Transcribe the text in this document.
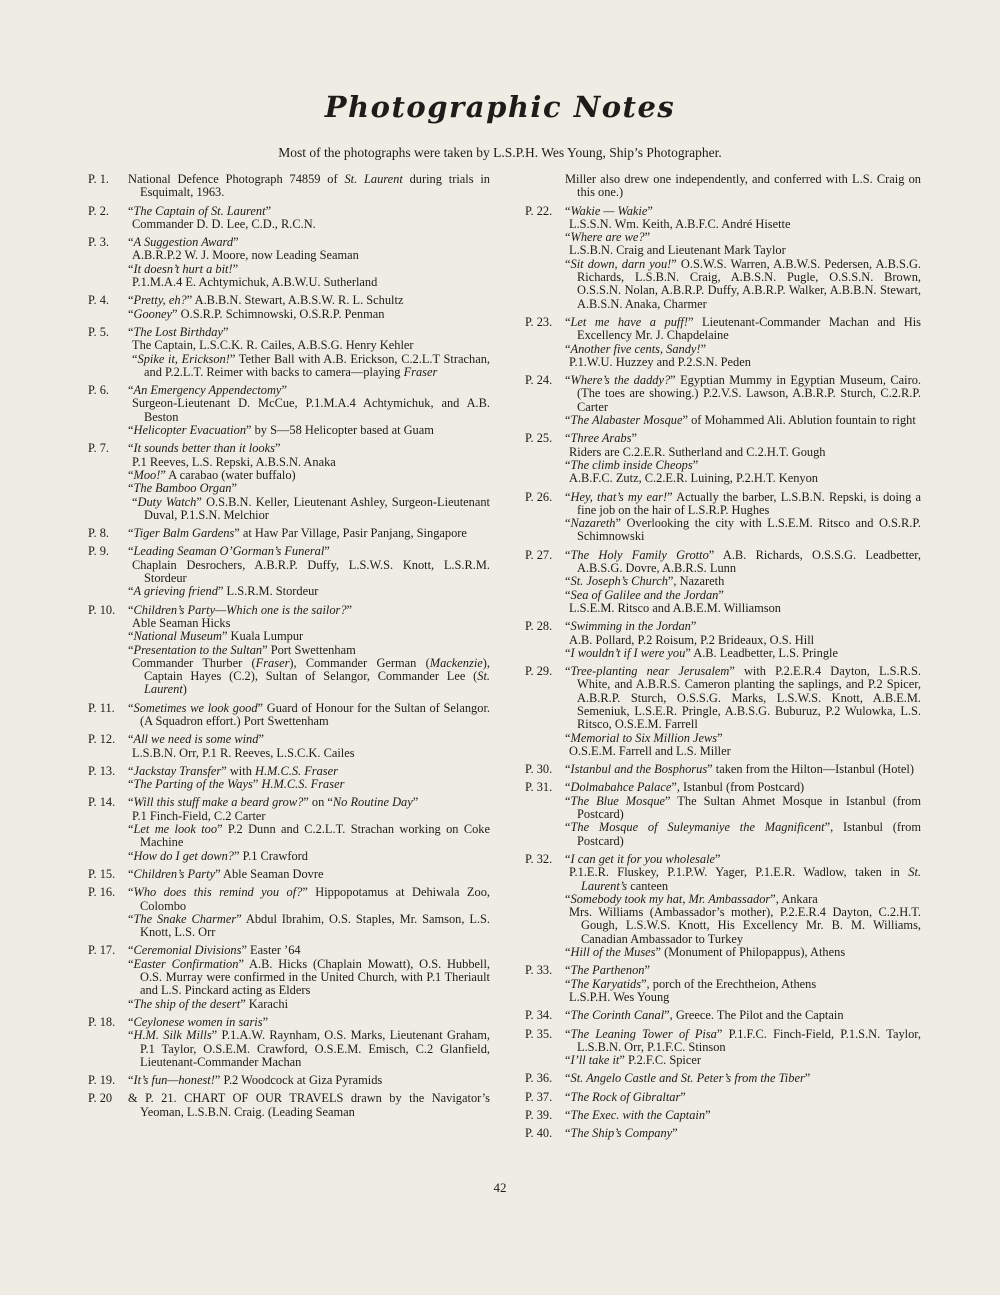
Photographic Notes
Most of the photographs were taken by L.S.P.H. Wes Young, Ship’s Photographer.
P. 1.	National Defence Photograph 74859 of St. Laurent during trials in Esquimalt, 1963.
P. 2.	“The Captain of St. Laurent”
Commander D. D. Lee, C.D., R.C.N.
P. 3.	“A Suggestion Award”
A.B.R.P.2 W. J. Moore, now Leading Seaman
“It doesn’t hurt a bit!”
P.1.M.A.4 E. Achtymichuk, A.B.W.U. Sutherland
P. 4.	“Pretty, eh?” A.B.B.N. Stewart, A.B.S.W. R. L. Schultz
“Gooney” O.S.R.P. Schimnowski, O.S.R.P. Penman
P. 5.	“The Lost Birthday”
The Captain, L.S.C.K. R. Cailes, A.B.S.G. Henry Kehler
“Spike it, Erickson!” Tether Ball with A.B. Erickson, C.2.L.T Strachan, and P.2.L.T. Reimer with backs to camera—playing Fraser
P. 6.	“An Emergency Appendectomy”
Surgeon-Lieutenant D. McCue, P.1.M.A.4 Achtymichuk, and A.B. Beston
“Helicopter Evacuation” by S—58 Helicopter based at Guam
P. 7.	“It sounds better than it looks”
P.1 Reeves, L.S. Repski, A.B.S.N. Anaka
“Moo!” A carabao (water buffalo)
“The Bamboo Organ”
“Duty Watch” O.S.B.N. Keller, Lieutenant Ashley, Surgeon-Lieutenant Duval, P.1.S.N. Melchior
P. 8.	“Tiger Balm Gardens” at Haw Par Village, Pasir Panjang, Singapore
P. 9.	“Leading Seaman O’Gorman’s Funeral”
Chaplain Desrochers, A.B.R.P. Duffy, L.S.W.S. Knott, L.S.R.M. Stordeur
“A grieving friend” L.S.R.M. Stordeur
P. 10.	“Children’s Party—Which one is the sailor?”
Able Seaman Hicks
“National Museum” Kuala Lumpur
“Presentation to the Sultan” Port Swettenham
Commander Thurber (Fraser), Commander German (Mackenzie), Captain Hayes (C.2), Sultan of Selangor, Commander Lee (St. Laurent)
P. 11.	“Sometimes we look good” Guard of Honour for the Sultan of Selangor. (A Squadron effort.) Port Swettenham
P. 12.	“All we need is some wind”
L.S.B.N. Orr, P.1 R. Reeves, L.S.C.K. Cailes
P. 13.	“Jackstay Transfer” with H.M.C.S. Fraser
“The Parting of the Ways” H.M.C.S. Fraser
P. 14.	“Will this stuff make a beard grow?” on “No Routine Day”
P.1 Finch-Field, C.2 Carter
“Let me look too” P.2 Dunn and C.2.L.T. Strachan working on Coke Machine
“How do I get down?” P.1 Crawford
P. 15.	“Children’s Party” Able Seaman Dovre
P. 16.	“Who does this remind you of?” Hippopotamus at Dehiwala Zoo, Colombo
“The Snake Charmer” Abdul Ibrahim, O.S. Staples, Mr. Samson, L.S. Knott, L.S. Orr
P. 17.	“Ceremonial Divisions” Easter ’64
“Easter Confirmation” A.B. Hicks (Chaplain Mowatt), O.S. Hubbell, O.S. Murray were confirmed in the United Church, with P.1 Theriault and L.S. Pinckard acting as Elders
“The ship of the desert” Karachi
P. 18.	“Ceylonese women in saris”
“H.M. Silk Mills” P.1.A.W. Raynham, O.S. Marks, Lieutenant Graham, P.1 Taylor, O.S.E.M. Crawford, O.S.E.M. Emisch, C.2 Glanfield, Lieutenant-Commander Machan
P. 19.	“It’s fun—honest!” P.2 Woodcock at Giza Pyramids
P. 20	& P. 21. CHART OF OUR TRAVELS drawn by the Navigator’s Yeoman, L.S.B.N. Craig. (Leading Seaman
Miller also drew one independently, and conferred with L.S. Craig on this one.)
P. 22.	“Wakie — Wakie”
L.S.S.N. Wm. Keith, A.B.F.C. André Hisette
“Where are we?”
L.S.B.N. Craig and Lieutenant Mark Taylor
“Sit down, darn you!” O.S.W.S. Warren, A.B.W.S. Pedersen, A.B.S.G. Richards, L.S.B.N. Craig, A.B.S.N. Pugle, O.S.S.N. Brown, O.S.S.N. Nolan, A.B.R.P. Duffy, A.B.R.P. Walker, A.B.B.N. Stewart, A.B.S.N. Anaka, Charmer
P. 23.	“Let me have a puff!” Lieutenant-Commander Machan and His Excellency Mr. J. Chapdelaine
“Another five cents, Sandy!”
P.1.W.U. Huzzey and P.2.S.N. Peden
P. 24.	“Where’s the daddy?” Egyptian Mummy in Egyptian Museum, Cairo. (The toes are showing.) P.2.V.S. Lawson, A.B.R.P. Sturch, C.2.R.P. Carter
“The Alabaster Mosque” of Mohammed Ali. Ablution fountain to right
P. 25.	“Three Arabs”
Riders are C.2.E.R. Sutherland and C.2.H.T. Gough
“The climb inside Cheops”
A.B.F.C. Zutz, C.2.E.R. Luining, P.2.H.T. Kenyon
P. 26.	“Hey, that’s my ear!” Actually the barber, L.S.B.N. Repski, is doing a fine job on the hair of L.S.R.P. Hughes
“Nazareth” Overlooking the city with L.S.E.M. Ritsco and O.S.R.P. Schimnowski
P. 27.	“The Holy Family Grotto” A.B. Richards, O.S.S.G. Leadbetter, A.B.S.G. Dovre, A.B.R.S. Lunn
“St. Joseph’s Church”, Nazareth
“Sea of Galilee and the Jordan”
L.S.E.M. Ritsco and A.B.E.M. Williamson
P. 28.	“Swimming in the Jordan”
A.B. Pollard, P.2 Roisum, P.2 Brideaux, O.S. Hill
“I wouldn’t if I were you” A.B. Leadbetter, L.S. Pringle
P. 29.	“Tree-planting near Jerusalem” with P.2.E.R.4 Dayton, L.S.R.S. White, and A.B.R.S. Cameron planting the saplings, and P.2 Spicer, A.B.R.P. Sturch, O.S.S.G. Marks, L.S.W.S. Knott, A.B.E.M. Semeniuk, L.S.E.R. Pringle, A.B.S.G. Buburuz, P.2 Wulowka, L.S. Ritsco, O.S.E.M. Farrell
“Memorial to Six Million Jews”
O.S.E.M. Farrell and L.S. Miller
P. 30.	“Istanbul and the Bosphorus” taken from the Hilton—Istanbul (Hotel)
P. 31.	“Dolmabahce Palace”, Istanbul (from Postcard)
“The Blue Mosque” The Sultan Ahmet Mosque in Istanbul (from Postcard)
“The Mosque of Suleymaniye the Magnificent”, Istanbul (from Postcard)
P. 32.	“I can get it for you wholesale”
P.1.E.R. Fluskey, P.1.P.W. Yager, P.1.E.R. Wadlow, taken in St. Laurent’s canteen
“Somebody took my hat, Mr. Ambassador”, Ankara
Mrs. Williams (Ambassador’s mother), P.2.E.R.4 Dayton, C.2.H.T. Gough, L.S.W.S. Knott, His Excellency Mr. B. M. Williams, Canadian Ambassador to Turkey
“Hill of the Muses” (Monument of Philopappus), Athens
P. 33.	“The Parthenon”
“The Karyatids”, porch of the Erechtheion, Athens
L.S.P.H. Wes Young
P. 34.	“The Corinth Canal”, Greece. The Pilot and the Captain
P. 35.	“The Leaning Tower of Pisa” P.1.F.C. Finch-Field, P.1.S.N. Taylor, L.S.B.N. Orr, P.1.F.C. Stinson
“I’ll take it” P.2.F.C. Spicer
P. 36.	“St. Angelo Castle and St. Peter’s from the Tiber”
P. 37.	“The Rock of Gibraltar”
P. 39.	“The Exec. with the Captain”
P. 40.	“The Ship’s Company”
42
